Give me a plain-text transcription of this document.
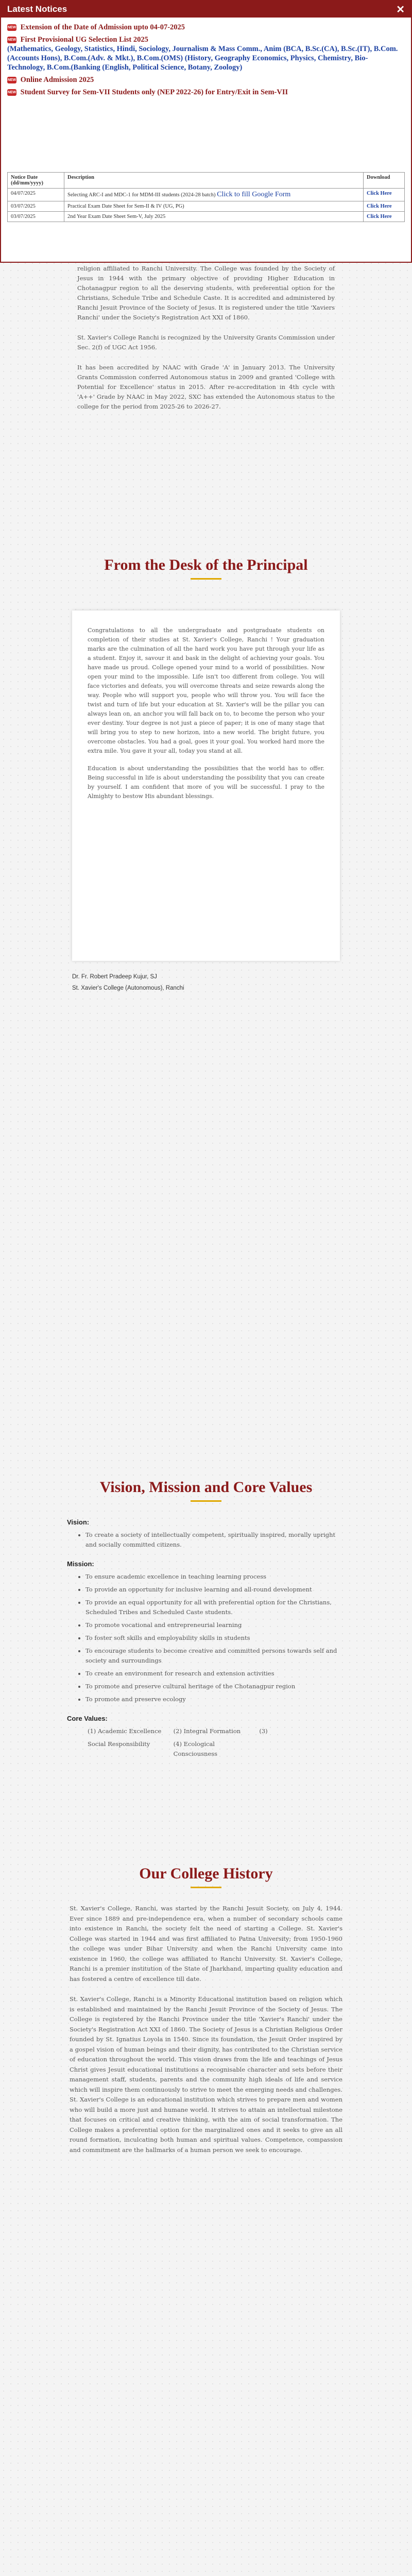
religion affiliated to Ranchi University. The College was founded by the Society of Jesus in 1944 with the primary objective of providing Higher Education in Chotanagpur region to all the deserving students, with preferential option for the Christians, Schedule Tribe and Schedule Caste. It is accredited and administered by Ranchi Jesuit Province of the Society of Jesus. It is registered under the title 'Xaviers Ranchi' under the Society's Registration Act XXI of 1860.

St. Xavier's College Ranchi is recognized by the University Grants Commission under Sec. 2(f) of UGC Act 1956.

It has been accredited by NAAC with Grade 'A' in January 2013. The University Grants Commission conferred Autonomous status in 2009 and granted 'College with Potential for Excellence' status in 2015. After re-accreditation in 4th cycle with 'A++' Grade by NAAC in May 2022, SXC has extended the Autonomous status to the college for the period from 2025-26 to 2026-27.

From the Desk of the Principal

Congratulations to all the undergraduate and postgraduate students on completion of their studies at St. Xavier's College, Ranchi ! Your graduation marks are the culmination of all the hard work you have put through your life as a student. Enjoy it, savour it and bask in the delight of achieving your goals. You have made us proud. College opened your mind to a world of possibilities. Now open your mind to the impossible. Life isn't too different from college. You will face victories and defeats, you will overcome threats and seize rewards along the way. People who will support you, people who will throw you. You will face the twist and turn of life but your education at St. Xavier's will be the pillar you can always lean on, an anchor you will fall back on to, to become the person who your ever destiny. Your degree is not just a piece of paper; it is one of many stage that will bring you to step to new horizon, into a new world. The bright future, you overcome obstacles. You had a goal, goes it your goal. You worked hard more the extra mile. You gave it your all, today you stand at all.

Education is about understanding the possibilities that the world has to offer. Being successful in life is about understanding the possibility that you can create by yourself. I am confident that more of you will be successful. I pray to the Almighty to bestow His abundant blessings.

Dr. Fr. Robert Pradeep Kujur, SJ
St. Xavier's College (Autonomous), Ranchi
Vision, Mission and Core Values
Vision:
• To create a society of intellectually competent, spiritually inspired, morally upright and socially committed citizens.
Mission:
• To ensure academic excellence in teaching learning process
• To provide an opportunity for inclusive learning and all-round development
• To provide an equal opportunity for all with preferential option for the Christians, Scheduled Tribes and Scheduled Caste students.
• To promote vocational and entrepreneurial learning
• To foster soft skills and employability skills in students
• To encourage students to become creative and committed persons towards self and society and surroundings
• To create an environment for research and extension activities
• To promote and preserve cultural heritage of the Chotanagpur region
• To promote and preserve ecology
Core Values:
(1) Academic Excellence	(2) Integral Formation	(3)
Social Responsibility	(4) Ecological Consciousness
Our College History

St. Xavier's College, Ranchi, was started by the Ranchi Jesuit Society, on July 4, 1944. Ever since 1889 and pre-independence era, when a number of secondary schools came into existence in Ranchi, the society felt the need of starting a College. St. Xavier's College was started in 1944 and was first affiliated to Patna University; from 1950-1960 the college was under Bihar University and when the Ranchi University came into existence in 1960, the college was affiliated to Ranchi University. St. Xavier's College, Ranchi is a premier institution of the State of Jharkhand, imparting quality education and has fostered a centre of excellence till date.

St. Xavier's College, Ranchi is a Minority Educational institution based on religion which is established and maintained by the Ranchi Jesuit Province of the Society of Jesus. The College is registered by the Ranchi Province under the title 'Xavier's Ranchi' under the Society's Registration Act XXI of 1860. The Society of Jesus is a Christian Religious Order founded by St. Ignatius Loyola in 1540. Since its foundation, the Jesuit Order inspired by a gospel vision of human beings and their dignity, has contributed to the Christian service of education throughout the world. This vision draws from the life and teachings of Jesus Christ gives Jesuit educational institutions a recognisable character and sets before their management staff, students, parents and the community high ideals of life and service which will inspire them continuously to strive to meet the emerging needs and challenges. St. Xavier's College is an educational institution which strives to prepare men and women who will build a more just and humane world. It strives to attain an intellectual milestone that focuses on critical and creative thinking, with the aim of social transformation. The College makes a preferential option for the marginalized ones and it seeks to give an all round formation, inculcating both human and spiritual values. Competence, compassion and commitment are the hallmarks of a human person we seek to encourage.

Latest Notices	✕
NEW Extension of the Date of Admission upto 04-07-2025
NEW First Provisional UG Selection List 2025
(Mathematics, Geology, Statistics, Hindi, Sociology, Journalism & Mass Comm., Anim (BCA, B.Sc.(CA), B.Sc.(IT), B.Com.(Accounts Hons), B.Com.(Adv. & Mkt.), B.Com.(OMS) (History, Geography Economics, Physics, Chemistry, Bio-Technology, B.Com.(Banking (English, Political Science, Botany, Zoology)
NEW Online Admission 2025
NEW Student Survey for Sem-VII Students only (NEP 2022-26) for Entry/Exit in Sem-VII
Notice Date (dd/mm/yyyy)	Description	Download
04/07/2025	Selecting ARC-I and MDC-1 for MDM-III students (2024-28 batch) Click to fill Google Form	Click Here
03/07/2025	Practical Exam Date Sheet for Sem-II & IV (UG, PG)	Click Here
03/07/2025	2nd Year Exam Date Sheet Sem-V, July 2025	Click Here
